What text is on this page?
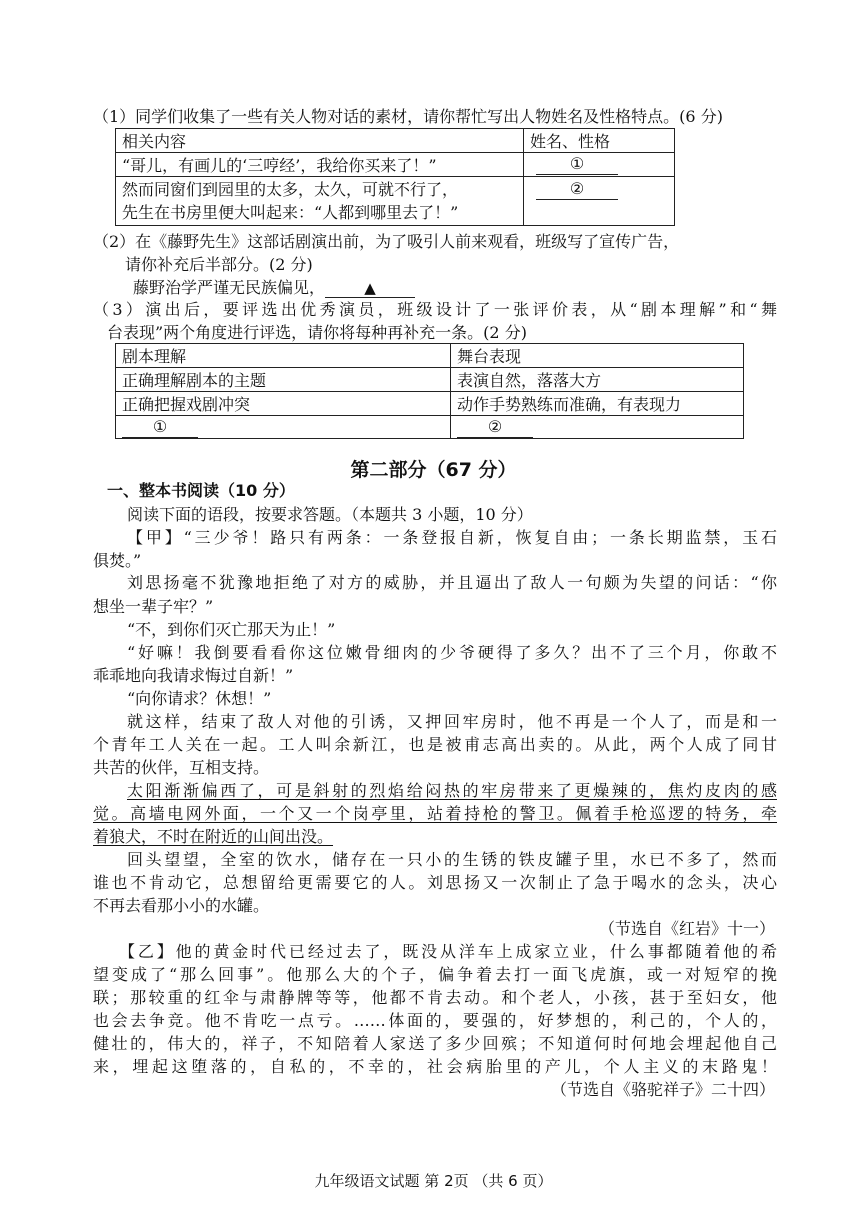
（1）同学们收集了一些有关人物对话的素材，请你帮忙写出人物姓名及性格特点。(6 分)
相关内容	姓名、性格
“哥儿，有画儿的‘三哼经’，我给你买来了！”	①

然而同窗们到园里的太多，太久，可就不行了，
先生在书房里便大叫起来：“人都到哪里去了！”	②
（2）在《藤野先生》这部话剧演出前，为了吸引人前来观看，班级写了宣传广告，
请你补充后半部分。(2 分)
藤野治学严谨无民族偏见，	▲
（3）演出后，要评选出优秀演员，班级设计了一张评价表，从“剧本理解”和“舞
台表现”两个角度进行评选，请你将每种再补充一条。(2 分)
剧本理解	舞台表现
正确理解剧本的主题	表演自然，落落大方
正确把握戏剧冲突	动作手势熟练而准确，有表现力
①	②
第二部分（67 分）
一、整本书阅读（10 分）
阅读下面的语段，按要求答题。（本题共 3 小题，10 分）
【甲】“三少爷！路只有两条：一条登报自新，恢复自由；一条长期监禁，玉石
俱焚。”
刘思扬毫不犹豫地拒绝了对方的威胁，并且逼出了敌人一句颇为失望的问话：“你
想坐一辈子牢？”
“不，到你们灭亡那天为止！”
“好嘛！我倒要看看你这位嫩骨细肉的少爷硬得了多久？出不了三个月，你敢不
乖乖地向我请求悔过自新！”
“向你请求？休想！”
就这样，结束了敌人对他的引诱，又押回牢房时，他不再是一个人了，而是和一
个青年工人关在一起。工人叫余新江，也是被甫志高出卖的。从此，两个人成了同甘
共苦的伙伴，互相支持。
太阳渐渐偏西了，可是斜射的烈焰给闷热的牢房带来了更燥辣的，焦灼皮肉的感
觉。高墙电网外面，一个又一个岗亭里，站着持枪的警卫。佩着手枪巡逻的特务，牵
着狼犬，不时在附近的山间出没。
回头望望，全室的饮水，储存在一只小的生锈的铁皮罐子里，水已不多了，然而
谁也不肯动它，总想留给更需要它的人。刘思扬又一次制止了急于喝水的念头，决心
不再去看那小小的水罐。
（节选自《红岩》十一）
【乙】他的黄金时代已经过去了，既没从洋车上成家立业，什么事都随着他的希
望变成了“那么回事”。他那么大的个子，偏争着去打一面飞虎旗，或一对短窄的挽
联；那较重的红伞与肃静牌等等，他都不肯去动。和个老人，小孩，甚于至妇女，他
也会去争竞。他不肯吃一点亏。……体面的，要强的，好梦想的，利己的，个人的，
健壮的，伟大的，祥子，不知陪着人家送了多少回殡；不知道何时何地会埋起他自己
来，埋起这堕落的，自私的，不幸的，社会病胎里的产儿，个人主义的末路鬼！
（节选自《骆驼祥子》二十四）
九年级语文试题 第 2页 （共 6 页）
